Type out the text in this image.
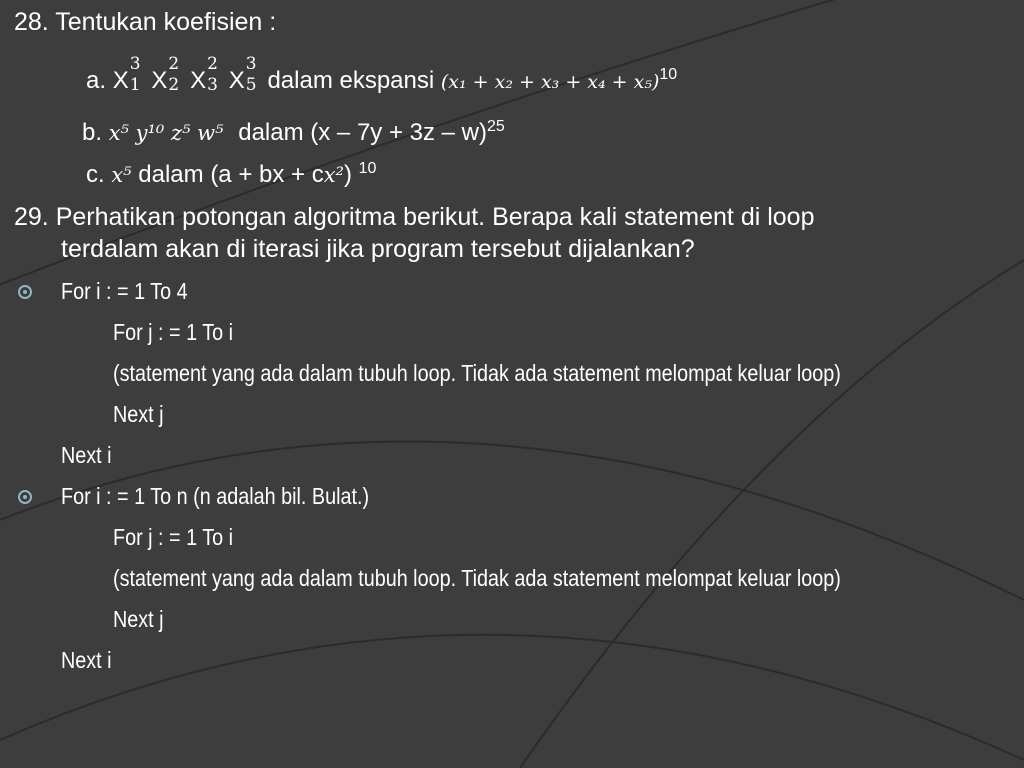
28. Tentukan koefisien :
a. X
3
1 X
2
2 X
2
3 X
3
5 dalam ekspansi $(x_1 + x_2 + x_3 + x_4 + x_5)^{10}$
b. x⁵ y¹⁰ z⁵ w⁵ dalam $(x - 7y + 3z - w)^{25}$
c. x⁵ dalam (a + bx + cx²) $^{10}$
29. Perhatikan potongan algoritma berikut. Berapa kali statement di loop
terdalam akan di iterasi jika program tersebut dijalankan?
For i : = 1 To 4
For j : = 1 To i
(statement yang ada dalam tubuh loop. Tidak ada statement melompat keluar loop)
Next j
Next i
For i : = 1 To n (n adalah bil. Bulat.)
For j : = 1 To i
(statement yang ada dalam tubuh loop. Tidak ada statement melompat keluar loop)
Next j
Next i
